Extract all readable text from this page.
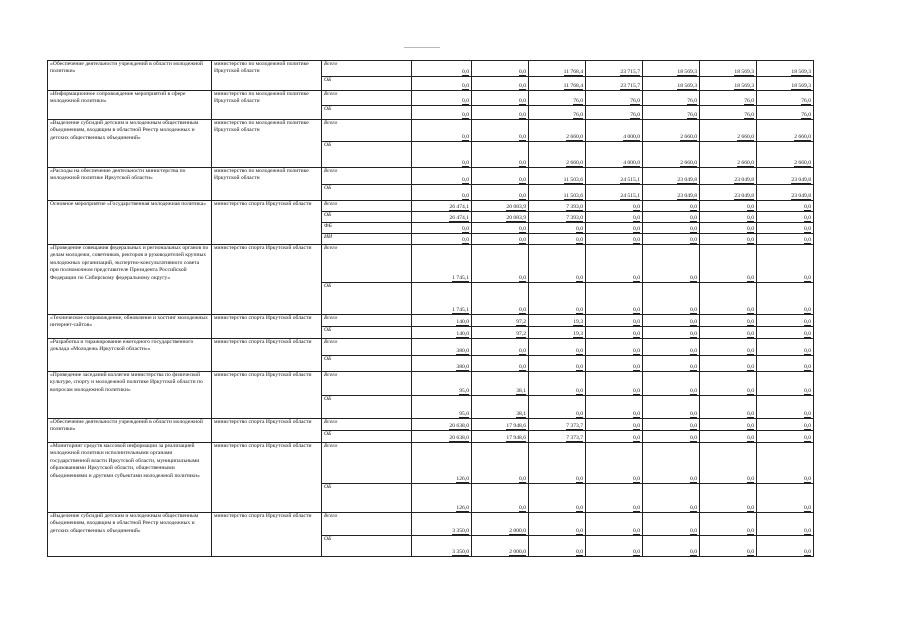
«Обеспечение деятельности учреждений в области молодежной политики»	министерство по молодежной политике Иркутской области	Всего	0,0	0,0	11 768,4	23 715,7	18 569,3	18 569,3	18 569,3
		ОБ	0,0	0,0	11 768,4	23 715,7	18 569,3	18 569,3	18 569,3
«Информационное сопровождение мероприятий в сфере молодежной политики»	министерство по молодежной политике Иркутской области	Всего	0,0	0,0	76,0	76,0	76,0	76,0	76,0
		ОБ	0,0	0,0	76,0	76,0	76,0	76,0	76,0
«Выделение субсидий детским и молодежным общественным объединениям, входящим в областной Реестр молодежных и детских общественных объединений»	министерство по молодежной политике Иркутской области	Всего	0,0	0,0	2 660,0	4 000,0	2 660,0	2 660,0	2 660,0
		ОБ	0,0	0,0	2 660,0	4 000,0	2 660,0	2 660,0	2 660,0
«Расходы на обеспечение деятельности министерства по молодежной политике Иркутской области»	министерство по молодежной политике Иркутской области	Всего	0,0	0,0	11 503,6	24 515,1	23 049,8	23 049,8	23 049,8
		ОБ	0,0	0,0	11 503,6	24 515,1	23 049,8	23 049,8	23 049,8
Основное мероприятие «Государственная молодежная политика»	министерство спорта Иркутской области	Всего	26 474,1	20 083,9	7 393,0	0,0	0,0	0,0	0,0
		ОБ	26 474,1	20 083,9	7 393,0	0,0	0,0	0,0	0,0
		ФБ	0,0	0,0	0,0	0,0	0,0	0,0	0,0
		ИИ	0,0	0,0	0,0	0,0	0,0	0,0	0,0
«Проведение совещания федеральных и региональных органов по делам молодежи, советников, ректоров и руководителей крупных молодежных организаций, экспертно-консультативного совета при полномочном представителе Президента Российской Федерации по Сибирскому федеральному округу»	министерство спорта Иркутской области	Всего	1 745,1	0,0	0,0	0,0	0,0	0,0	0,0
		ОБ	1 745,1	0,0	0,0	0,0	0,0	0,0	0,0
«Техническое сопровождение, обновление и хостинг молодежных интернет-сайтов»	министерство спорта Иркутской области	Всего	140,0	97,2	19,3	0,0	0,0	0,0	0,0
		ОБ	140,0	97,2	19,3	0,0	0,0	0,0	0,0
«Разработка и тиражирование ежегодного государственного доклада «Молодежь Иркутской области»»	министерство спорта Иркутской области	Всего	380,0	0,0	0,0	0,0	0,0	0,0	0,0
		ОБ	380,0	0,0	0,0	0,0	0,0	0,0	0,0
«Проведение заседаний коллегии министерства по физической культуре, спорту и молодежной политике Иркутской области по вопросам молодежной политики»	министерство спорта Иркутской области	Всего	95,0	38,1	0,0	0,0	0,0	0,0	0,0
		ОБ	95,0	38,1	0,0	0,0	0,0	0,0	0,0
«Обеспечение деятельности учреждений в области молодежной политики»	министерство спорта Иркутской области	Всего	20 638,0	17 948,6	7 373,7	0,0	0,0	0,0	0,0
		ОБ	20 638,0	17 948,6	7 373,7	0,0	0,0	0,0	0,0
«Мониторинг средств массовой информации за реализацией молодежной политики исполнительными органами государственной власти Иркутской области, муниципальными образованиями Иркутской области, общественными объединениями и другими субъектами молодежной политики»	министерство спорта Иркутской области	Всего	126,0	0,0	0,0	0,0	0,0	0,0	0,0
		ОБ	126,0	0,0	0,0	0,0	0,0	0,0	0,0
«Выделение субсидий детским и молодежным общественным объединениям, входящим в областной Реестр молодежных и детских общественных объединений»	министерство спорта Иркутской области	Всего	3 350,0	2 000,0	0,0	0,0	0,0	0,0	0,0
		ОБ	3 350,0	2 000,0	0,0	0,0	0,0	0,0	0,0
